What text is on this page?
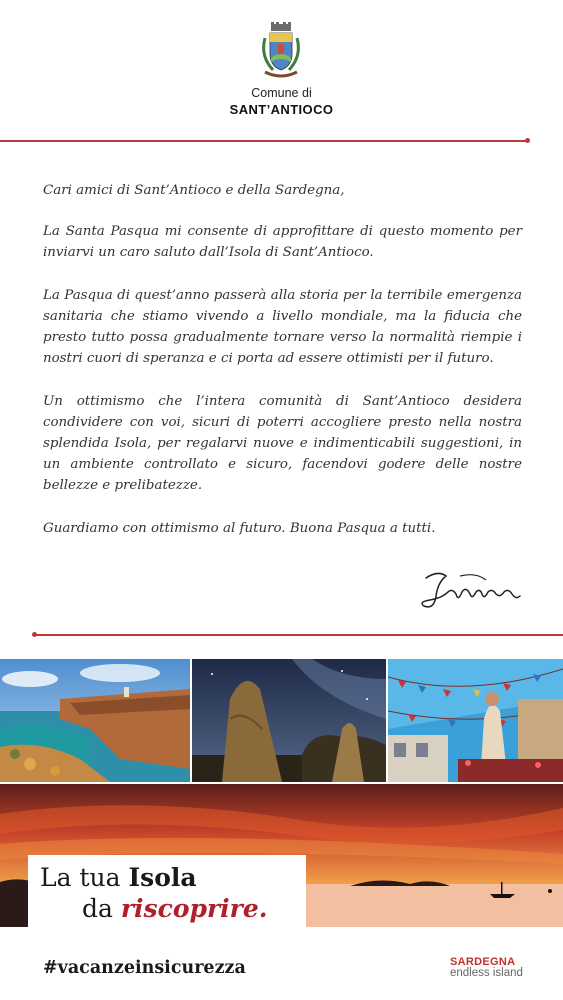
Comune di
SANT’ANTIOCO

Cari amici di Sant’Antioco e della Sardegna,

La Santa Pasqua mi consente di approfittare di questo momento per inviarvi un caro saluto dall’Isola di Sant’Antioco.

La Pasqua di quest’anno passerà alla storia per la terribile emergenza sanitaria che stiamo vivendo a livello mondiale, ma la fiducia che presto tutto possa gradualmente tornare verso la normalità riempie i nostri cuori di speranza e ci porta ad essere ottimisti per il futuro.

Un ottimismo che l’intera comunità di Sant’Antioco desidera condividere con voi, sicuri di poterri accogliere presto nella nostra splendida Isola, per regalarvi nuove e indimenticabili suggestioni, in un ambiente controllato e sicuro, facendovi godere delle nostre bellezze e prelibatezze.

Guardiamo con ottimismo al futuro. Buona Pasqua a tutti.

La tua Isola
da riscoprire.
#vacanzeinsicurezza	SARDEGNA
endless island
